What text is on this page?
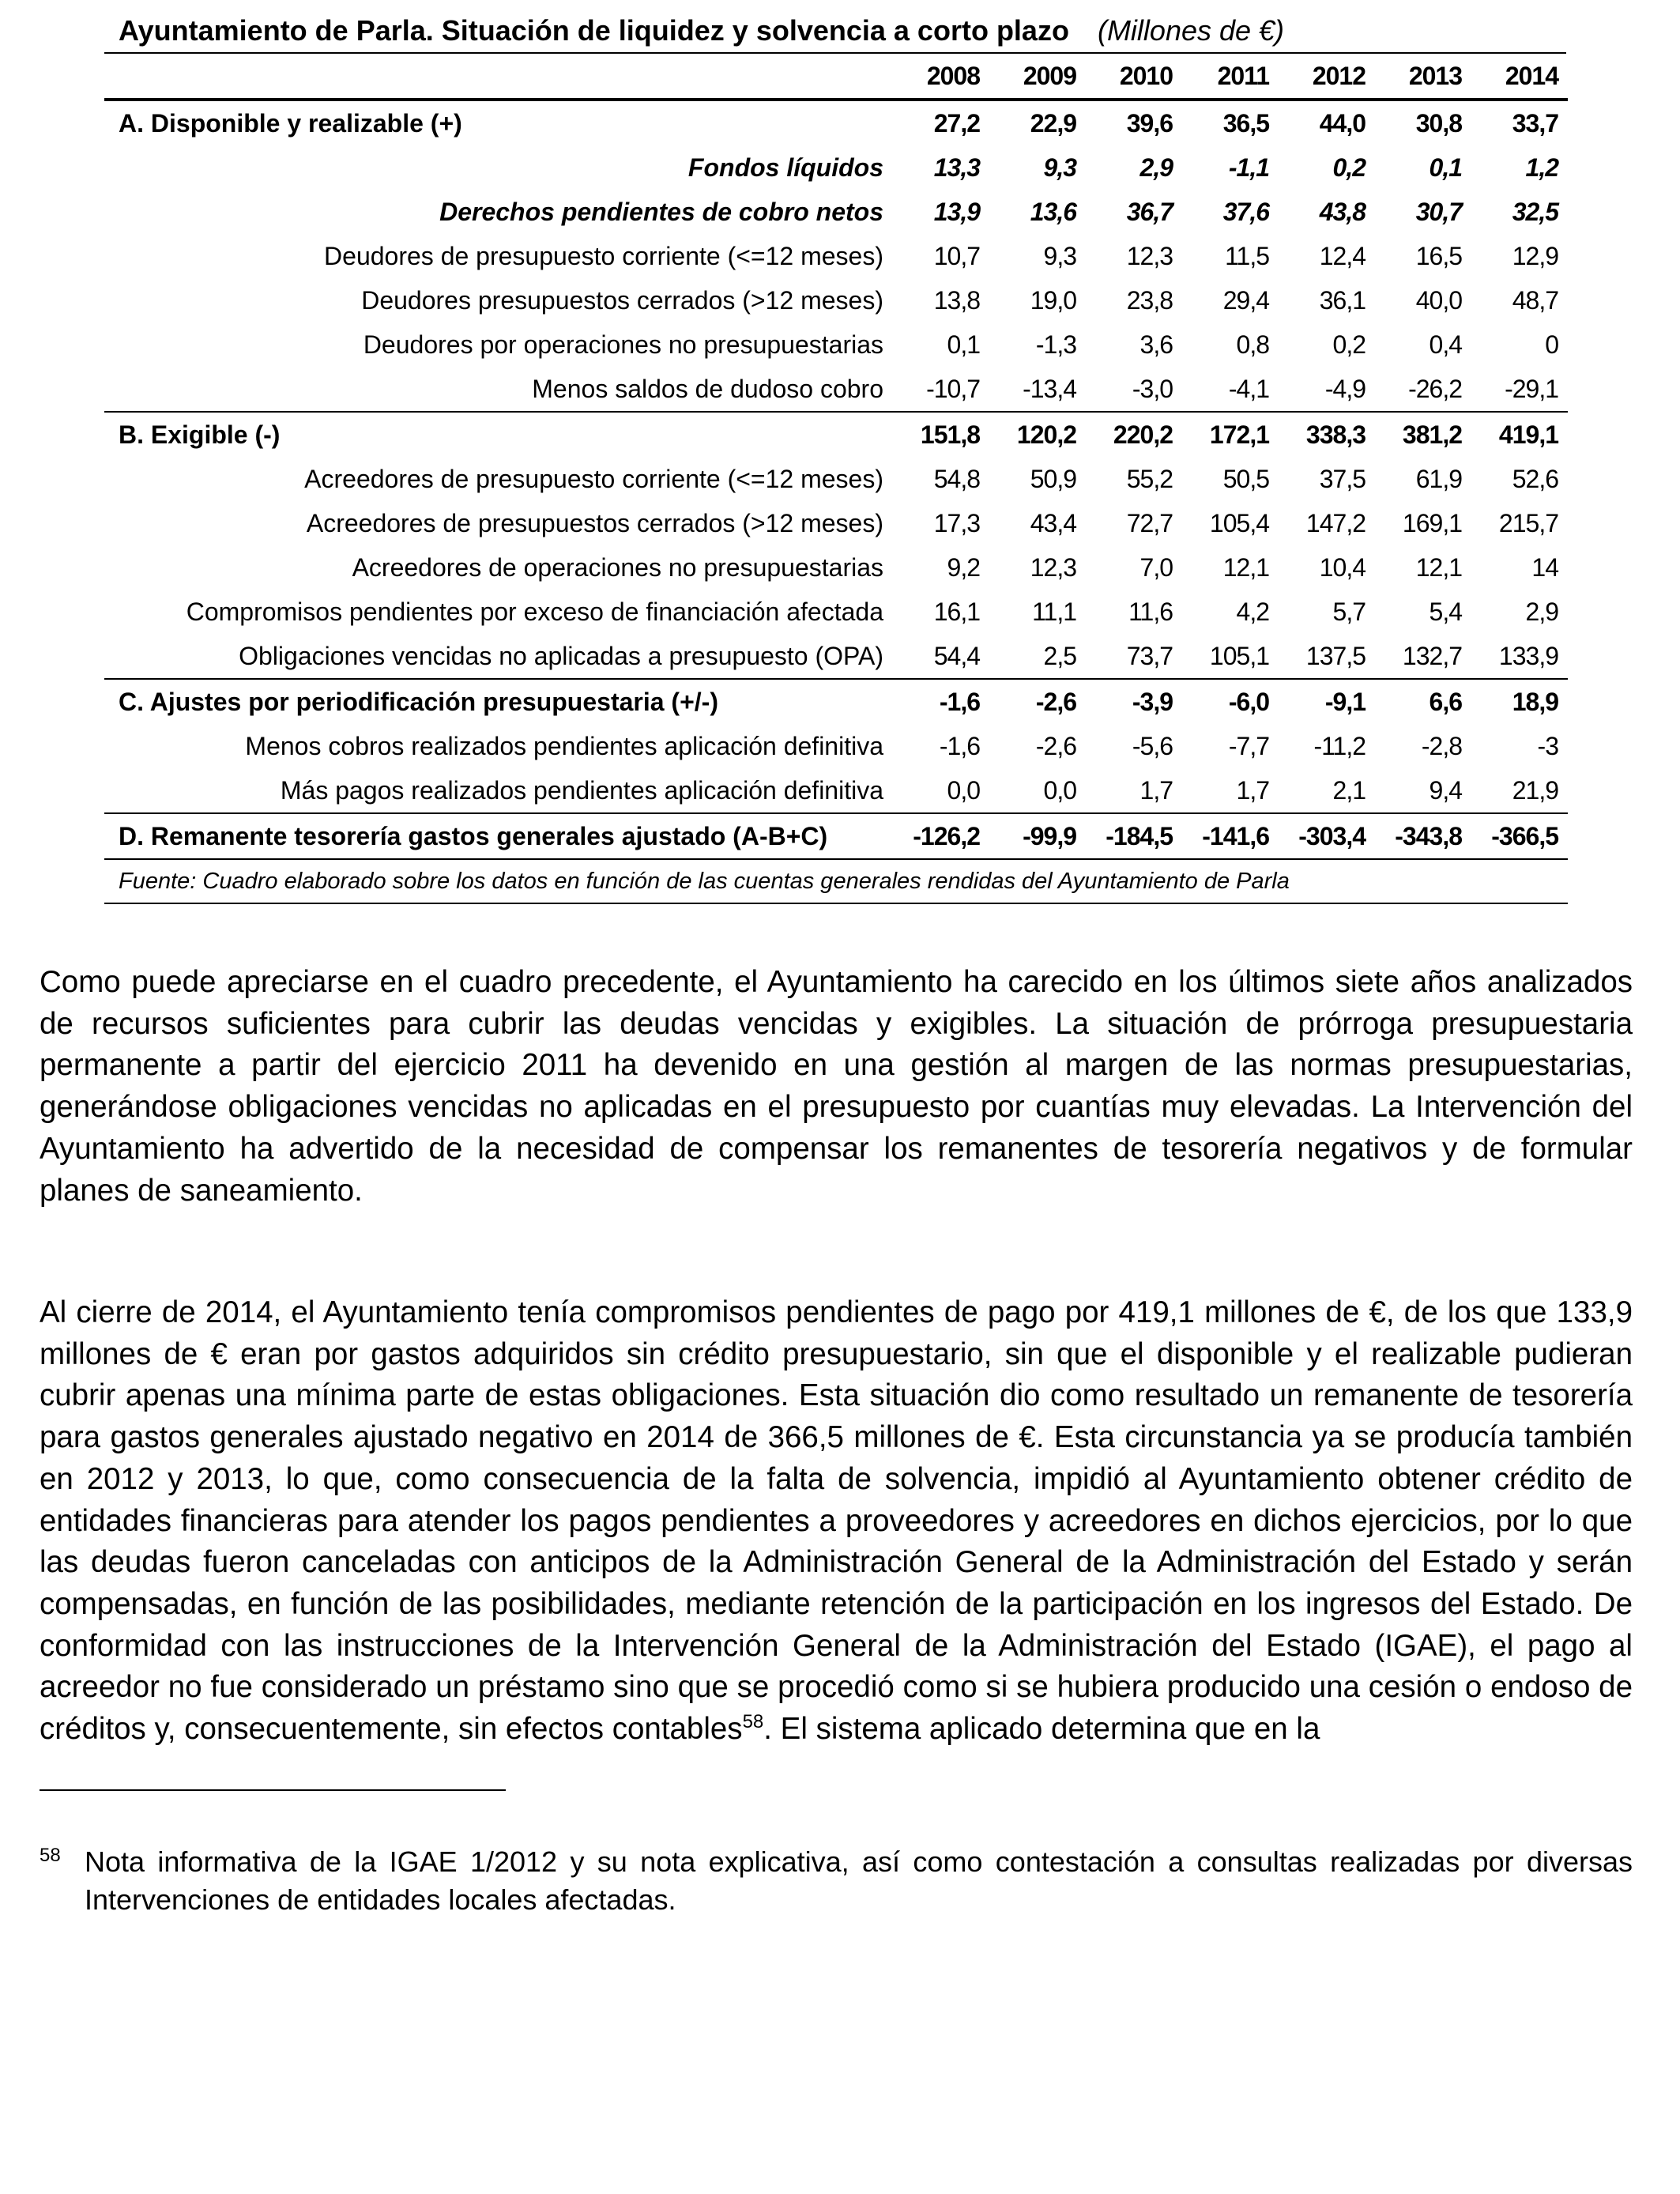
Ayuntamiento de Parla. Situación de liquidez y solvencia a corto plazo (Millones de €)
	2008	2009	2010	2011	2012	2013	2014
A. Disponible y realizable (+)	27,2	22,9	39,6	36,5	44,0	30,8	33,7
Fondos líquidos	13,3	9,3	2,9	-1,1	0,2	0,1	1,2
Derechos pendientes de cobro netos	13,9	13,6	36,7	37,6	43,8	30,7	32,5
Deudores de presupuesto corriente (<=12 meses)	10,7	9,3	12,3	11,5	12,4	16,5	12,9
Deudores presupuestos cerrados (>12 meses)	13,8	19,0	23,8	29,4	36,1	40,0	48,7
Deudores por operaciones no presupuestarias	0,1	-1,3	3,6	0,8	0,2	0,4	0
Menos saldos de dudoso cobro	-10,7	-13,4	-3,0	-4,1	-4,9	-26,2	-29,1
B. Exigible (-)	151,8	120,2	220,2	172,1	338,3	381,2	419,1
Acreedores de presupuesto corriente (<=12 meses)	54,8	50,9	55,2	50,5	37,5	61,9	52,6
Acreedores de presupuestos cerrados (>12 meses)	17,3	43,4	72,7	105,4	147,2	169,1	215,7
Acreedores de operaciones no presupuestarias	9,2	12,3	7,0	12,1	10,4	12,1	14
Compromisos pendientes por exceso de financiación afectada	16,1	11,1	11,6	4,2	5,7	5,4	2,9
Obligaciones vencidas no aplicadas a presupuesto (OPA)	54,4	2,5	73,7	105,1	137,5	132,7	133,9
C. Ajustes por periodificación presupuestaria (+/-)	-1,6	-2,6	-3,9	-6,0	-9,1	6,6	18,9
Menos cobros realizados pendientes aplicación definitiva	-1,6	-2,6	-5,6	-7,7	-11,2	-2,8	-3
Más pagos realizados pendientes aplicación definitiva	0,0	0,0	1,7	1,7	2,1	9,4	21,9
D. Remanente tesorería gastos generales ajustado (A-B+C)	-126,2	-99,9	-184,5	-141,6	-303,4	-343,8	-366,5
Fuente: Cuadro elaborado sobre los datos en función de las cuentas generales rendidas del Ayuntamiento de Parla							

Como puede apreciarse en el cuadro precedente, el Ayuntamiento ha carecido en los últimos siete años analizados de recursos suficientes para cubrir las deudas vencidas y exigibles. La situación de prórroga presupuestaria permanente a partir del ejercicio 2011 ha devenido en una gestión al margen de las normas presupuestarias, generándose obligaciones vencidas no aplicadas en el presupuesto por cuantías muy elevadas. La Intervención del Ayuntamiento ha advertido de la necesidad de compensar los remanentes de tesorería negativos y de formular planes de saneamiento.

Al cierre de 2014, el Ayuntamiento tenía compromisos pendientes de pago por 419,1 millones de €, de los que 133,9 millones de € eran por gastos adquiridos sin crédito presupuestario, sin que el disponible y el realizable pudieran cubrir apenas una mínima parte de estas obligaciones. Esta situación dio como resultado un remanente de tesorería para gastos generales ajustado negativo en 2014 de 366,5 millones de €. Esta circunstancia ya se producía también en 2012 y 2013, lo que, como consecuencia de la falta de solvencia, impidió al Ayuntamiento obtener crédito de entidades financieras para atender los pagos pendientes a proveedores y acreedores en dichos ejercicios, por lo que las deudas fueron canceladas con anticipos de la Administración General de la Administración del Estado y serán compensadas, en función de las posibilidades, mediante retención de la participación en los ingresos del Estado. De conformidad con las instrucciones de la Intervención General de la Administración del Estado (IGAE), el pago al acreedor no fue considerado un préstamo sino que se procedió como si se hubiera producido una cesión o endoso de créditos y, consecuentemente, sin efectos contables$^{58}$. El sistema aplicado determina que en la

58 Nota informativa de la IGAE 1/2012 y su nota explicativa, así como contestación a consultas realizadas por diversas Intervenciones de entidades locales afectadas.
